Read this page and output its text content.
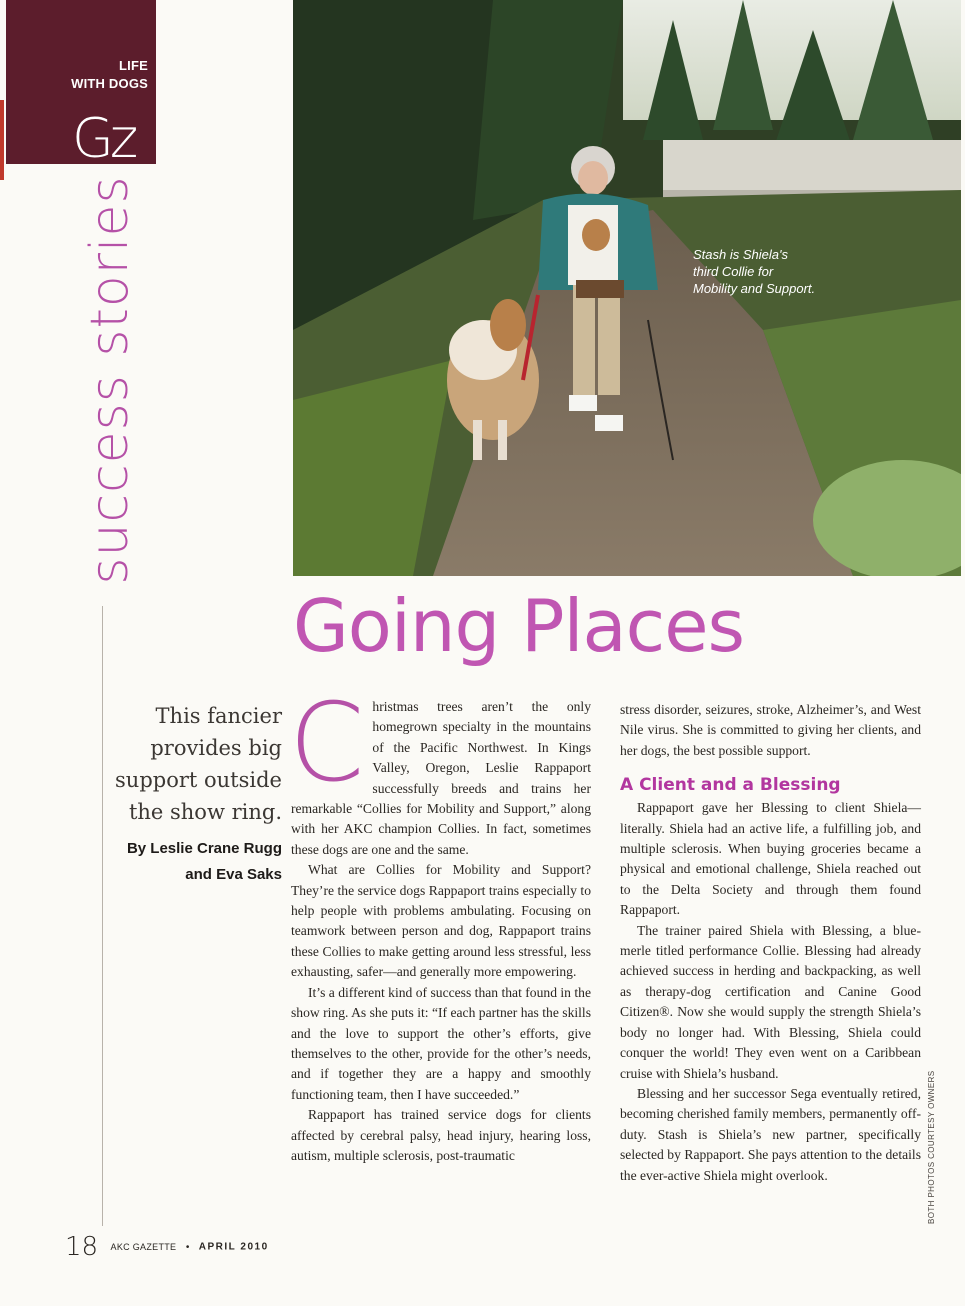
LIFE
WITH DOGS
Gz
success stories	Stash is Shiela's
third Collie for
Mobility and Support.
Going Places
This fancier
provides big
support outside
the show ring.
By Leslie Crane Rugg
and Eva Saks

Christmas trees aren’t the only homegrown specialty in the mountains of the Pacific Northwest. In Kings Valley, Oregon, Leslie Rappaport successfully breeds and trains her remarkable “Collies for Mobility and Support,” along with her AKC champion Collies. In fact, sometimes these dogs are one and the same.

What are Collies for Mobility and Support? They’re the service dogs Rappaport trains especially to help people with problems ambulating. Focusing on teamwork between person and dog, Rappaport trains these Collies to make getting around less stressful, less exhausting, safer—and generally more empowering.

It’s a different kind of success than that found in the show ring. As she puts it: “If each partner has the skills and the love to support the other’s efforts, give themselves to the other, provide for the other’s needs, and if together they are a happy and smoothly functioning team, then I have succeeded.”

Rappaport has trained service dogs for clients affected by cerebral palsy, head injury, hearing loss, autism, multiple sclerosis, post-traumatic

stress disorder, seizures, stroke, Alzheimer’s, and West Nile virus. She is committed to giving her clients, and her dogs, the best possible support.

A Client and a Blessing

Rappaport gave her Blessing to client Shiela—literally. Shiela had an active life, a fulfilling job, and multiple sclerosis. When buying groceries became a physical and emotional challenge, Shiela reached out to the Delta Society and through them found Rappaport.

The trainer paired Shiela with Blessing, a blue-merle titled performance Collie. Blessing had already achieved success in herding and backpacking, as well as therapy-dog certification and Canine Good Citizen®. Now she would supply the strength Shiela’s body no longer had. With Blessing, Shiela could conquer the world! They even went on a Caribbean cruise with Shiela’s husband.

Blessing and her successor Sega eventually retired, becoming cherished family members, permanently off-duty. Stash is Shiela’s new partner, specifically selected by Rappaport. She pays attention to the details the ever-active Shiela might overlook.	BOTH PHOTOS COURTESY OWNERS
18 AKC GAZETTE • APRIL 2010
